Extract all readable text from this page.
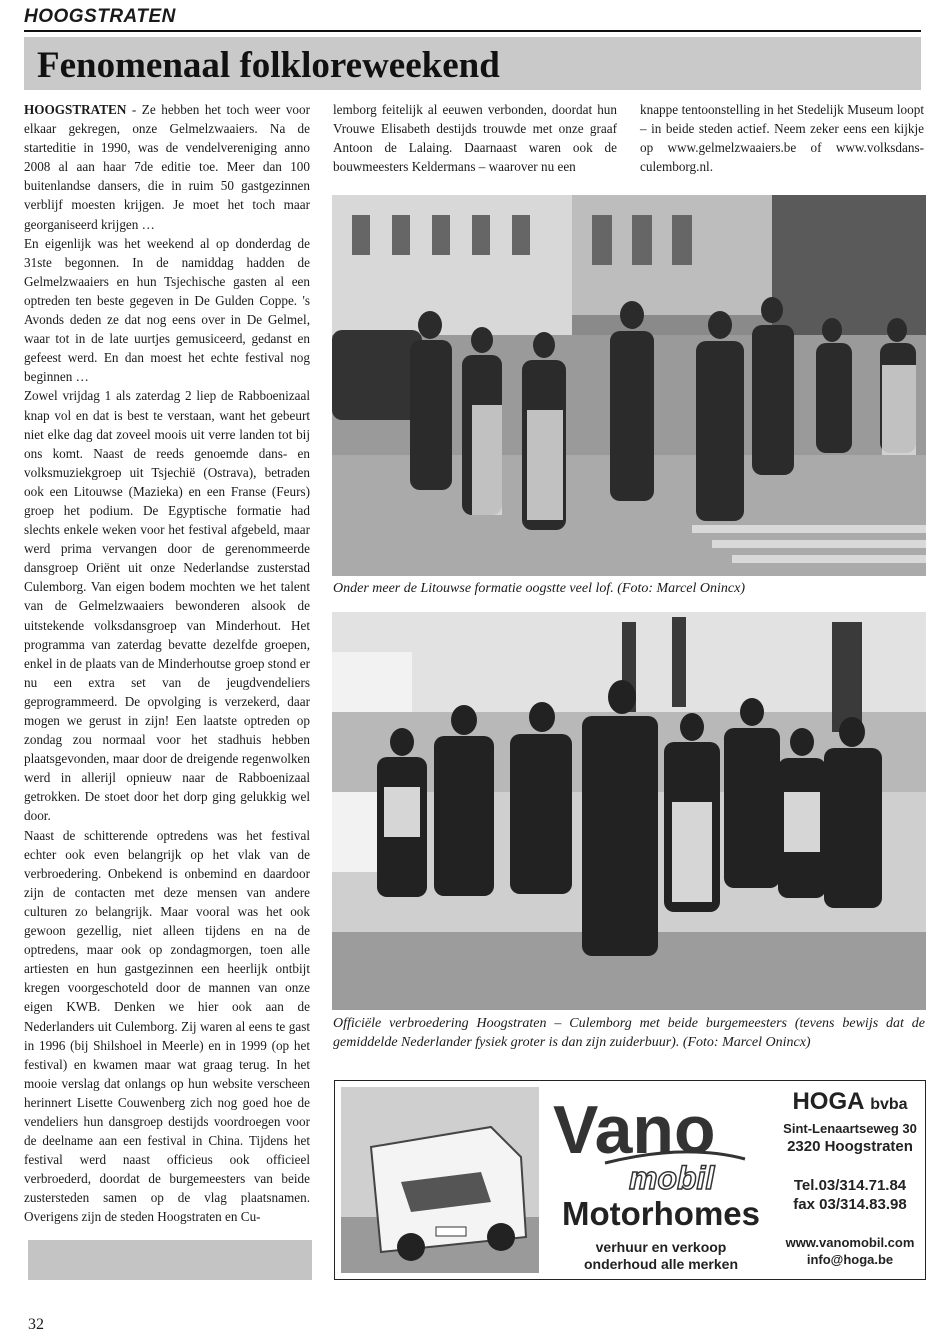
HOOGSTRATEN
Fenomenaal folkloreweekend

HOOGSTRATEN - Ze hebben het toch weer voor elkaar gekregen, onze Gelmelzwaaiers. Na de starteditie in 1990, was de vendelvereniging anno 2008 al aan haar 7de editie toe. Meer dan 100 buitenlandse dansers, die in ruim 50 gastgezinnen verblijf moesten krijgen. Je moet het toch maar georganiseerd krijgen …

En eigenlijk was het weekend al op donderdag de 31ste begonnen. In de namiddag hadden de Gelmelzwaaiers en hun Tsjechische gasten al een optreden ten beste gegeven in De Gulden Coppe. 's Avonds deden ze dat nog eens over in De Gelmel, waar tot in de late uurtjes gemusiceerd, gedanst en gefeest werd. En dan moest het echte festival nog beginnen …

Zowel vrijdag 1 als zaterdag 2 liep de Rabboenizaal knap vol en dat is best te verstaan, want het gebeurt niet elke dag dat zoveel moois uit verre landen tot bij ons komt. Naast de reeds genoemde dans- en volksmuziekgroep uit Tsjechië (Ostrava), betraden ook een Litouwse (Mazieka) en een Franse (Feurs) groep het podium. De Egyptische formatie had slechts enkele weken voor het festival afgebeld, maar werd prima vervangen door de gerenommeerde dansgroep Oriënt uit onze Nederlandse zusterstad Culemborg. Van eigen bodem mochten we het talent van de Gelmelzwaaiers bewonderen alsook de uitstekende volksdansgroep van Minderhout. Het programma van zaterdag bevatte dezelfde groepen, enkel in de plaats van de Minderhoutse groep stond er nu een extra set van de jeugdvendeliers geprogrammeerd. De opvolging is verzekerd, daar mogen we gerust in zijn! Een laatste optreden op zondag zou normaal voor het stadhuis hebben plaatsgevonden, maar door de dreigende regenwolken werd in allerijl opnieuw naar de Rabboenizaal getrokken. De stoet door het dorp ging gelukkig wel door.

Naast de schitterende optredens was het festival echter ook even belangrijk op het vlak van de verbroedering. Onbekend is onbemind en daardoor zijn de contacten met deze mensen van andere culturen zo belangrijk. Maar vooral was het ook gewoon gezellig, niet alleen tijdens en na de optredens, maar ook op zondagmorgen, toen alle artiesten en hun gastgezinnen een heerlijk ontbijt kregen voorgeschoteld door de mannen van onze eigen KWB. Denken we hier ook aan de Nederlanders uit Culemborg. Zij waren al eens te gast in 1996 (bij Shilshoel in Meerle) en in 1999 (op het festival) en kwamen maar wat graag terug. In het mooie verslag dat onlangs op hun website verscheen herinnert Lisette Couwenberg zich nog goed hoe de vendeliers hun dansgroep destijds voordroegen voor de deelname aan een festival in China. Tijdens het festival werd naast officieus ook officieel verbroederd, doordat de burgemeesters van beide zustersteden samen op de vlag plaatsnamen. Overigens zijn de steden Hoogstraten en Cu-

lemborg feitelijk al eeuwen verbonden, doordat hun Vrouwe Elisabeth destijds trouwde met onze graaf Antoon de Lalaing. Daarnaast waren ook de bouwmeesters Keldermans – waarover nu een

knappe tentoonstelling in het Stedelijk Museum loopt – in beide steden actief. Neem zeker eens een kijkje op www.gelmelzwaaiers.be of www.volksdans-culemborg.nl.

Onder meer de Litouwse formatie oogstte veel lof. (Foto: Marcel Onincx)
Officiële verbroedering Hoogstraten – Culemborg met beide burgemeesters (tevens bewijs dat de gemiddelde Nederlander fysiek groter is dan zijn zuiderbuur). (Foto: Marcel Onincx)
Vano
mobil
Motorhomes
verhuur en verkoop
onderhoud alle merken
HOGA bvba
Sint-Lenaartseweg 30
2320 Hoogstraten
Tel.03/314.71.84
fax 03/314.83.98
www.vanomobil.com
info@hoga.be
32
